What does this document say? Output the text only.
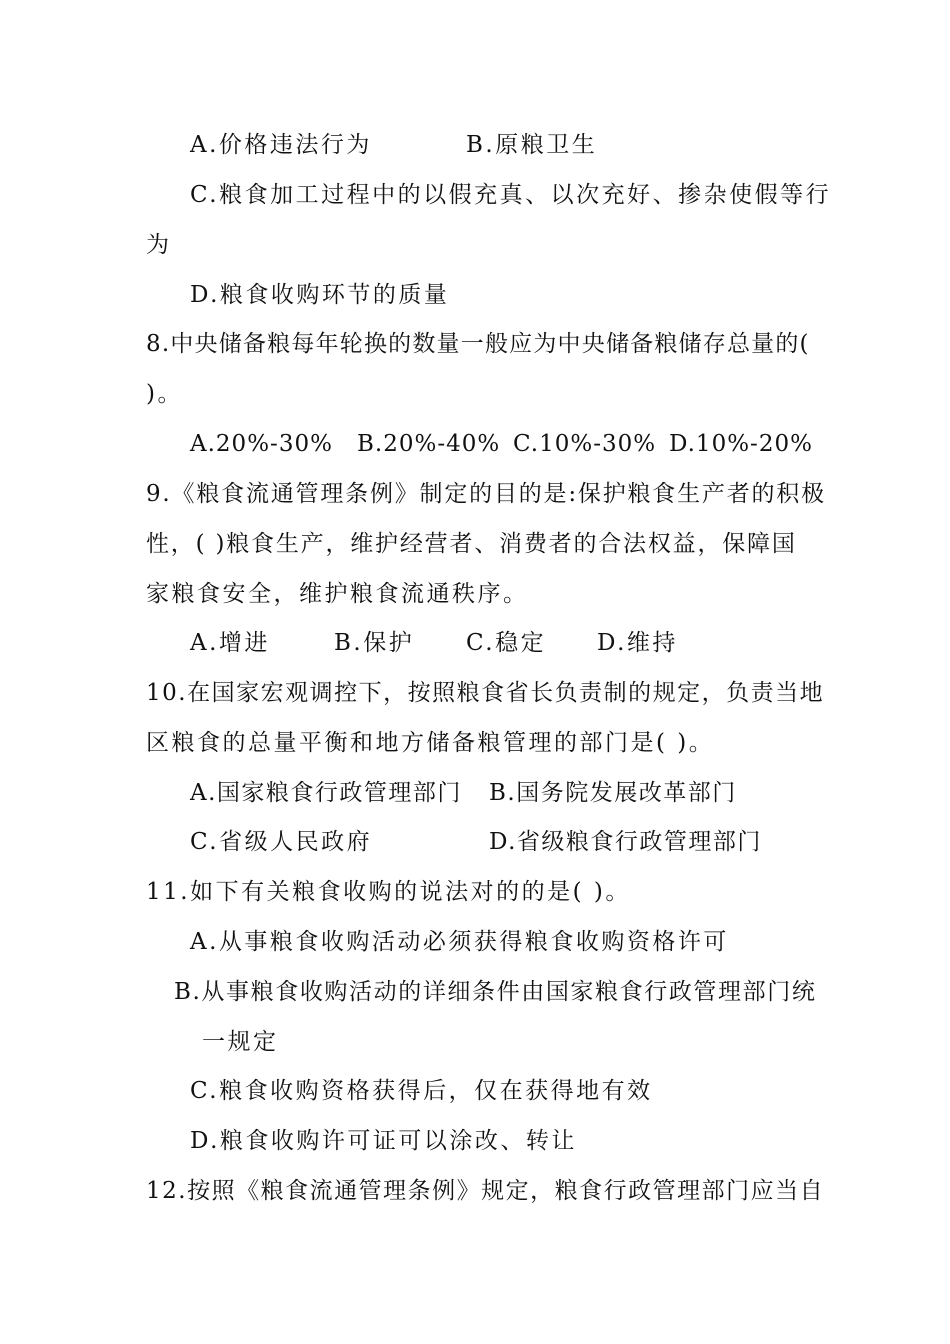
A.价格违法行为	B.原粮卫生
C.粮食加工过程中的以假充真、以次充好、掺杂使假等行
为
D.粮食收购环节的质量
8.中央储备粮每年轮换的数量一般应为中央储备粮储存总量的(
)。
A.20%-30% B.20%-40% C.10%-30% D.10%-20%
9.《粮食流通管理条例》制定的目的是:保护粮食生产者的积极
性，( )粮食生产，维护经营者、消费者的合法权益，保障国
家粮食安全，维护粮食流通秩序。
A.增进	B.保护 C.稳定 D.维持
10.在国家宏观调控下，按照粮食省长负责制的规定，负责当地
区粮食的总量平衡和地方储备粮管理的部门是( )。
A.国家粮食行政管理部门 B.国务院发展改革部门
C.省级人民政府	D.省级粮食行政管理部门
11.如下有关粮食收购的说法对的的是( )。
A.从事粮食收购活动必须获得粮食收购资格许可
B.从事粮食收购活动的详细条件由国家粮食行政管理部门统
一规定
C.粮食收购资格获得后，仅在获得地有效
D.粮食收购许可证可以涂改、转让
12.按照《粮食流通管理条例》规定，粮食行政管理部门应当自
